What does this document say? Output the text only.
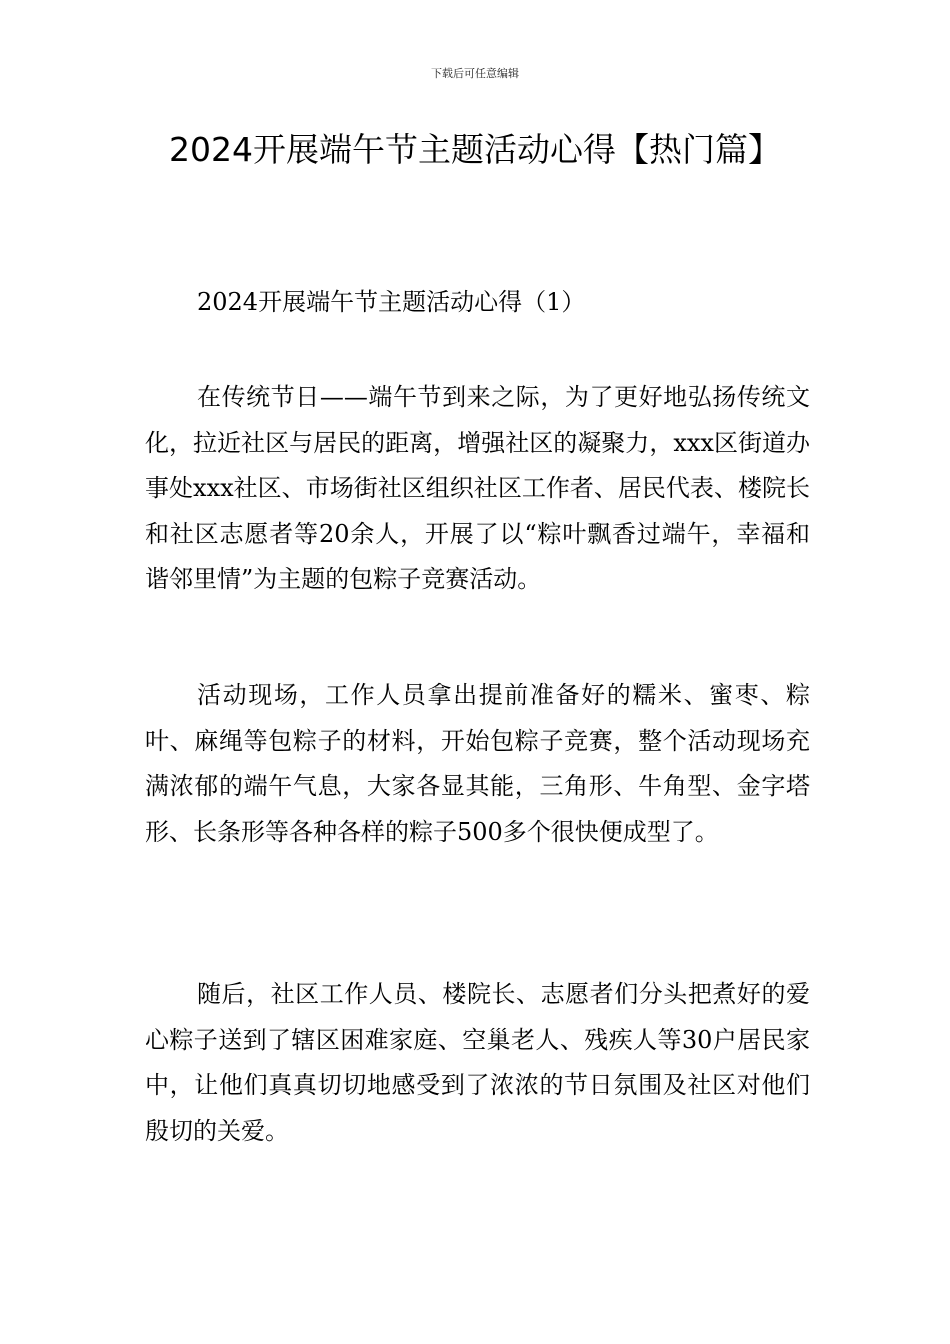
下载后可任意编辑
2024开展端午节主题活动心得【热门篇】

2024开展端午节主题活动心得（1）

在传统节日——端午节到来之际，为了更好地弘扬传统文化，拉近社区与居民的距离，增强社区的凝聚力，xxx区街道办事处xxx社区、市场街社区组织社区工作者、居民代表、楼院长和社区志愿者等20余人，开展了以“粽叶飘香过端午，幸福和谐邻里情”为主题的包粽子竞赛活动。

活动现场，工作人员拿出提前准备好的糯米、蜜枣、粽叶、麻绳等包粽子的材料，开始包粽子竞赛，整个活动现场充满浓郁的端午气息，大家各显其能，三角形、牛角型、金字塔形、长条形等各种各样的粽子500多个很快便成型了。

随后，社区工作人员、楼院长、志愿者们分头把煮好的爱心粽子送到了辖区困难家庭、空巢老人、残疾人等30户居民家中，让他们真真切切地感受到了浓浓的节日氛围及社区对他们殷切的关爱。
